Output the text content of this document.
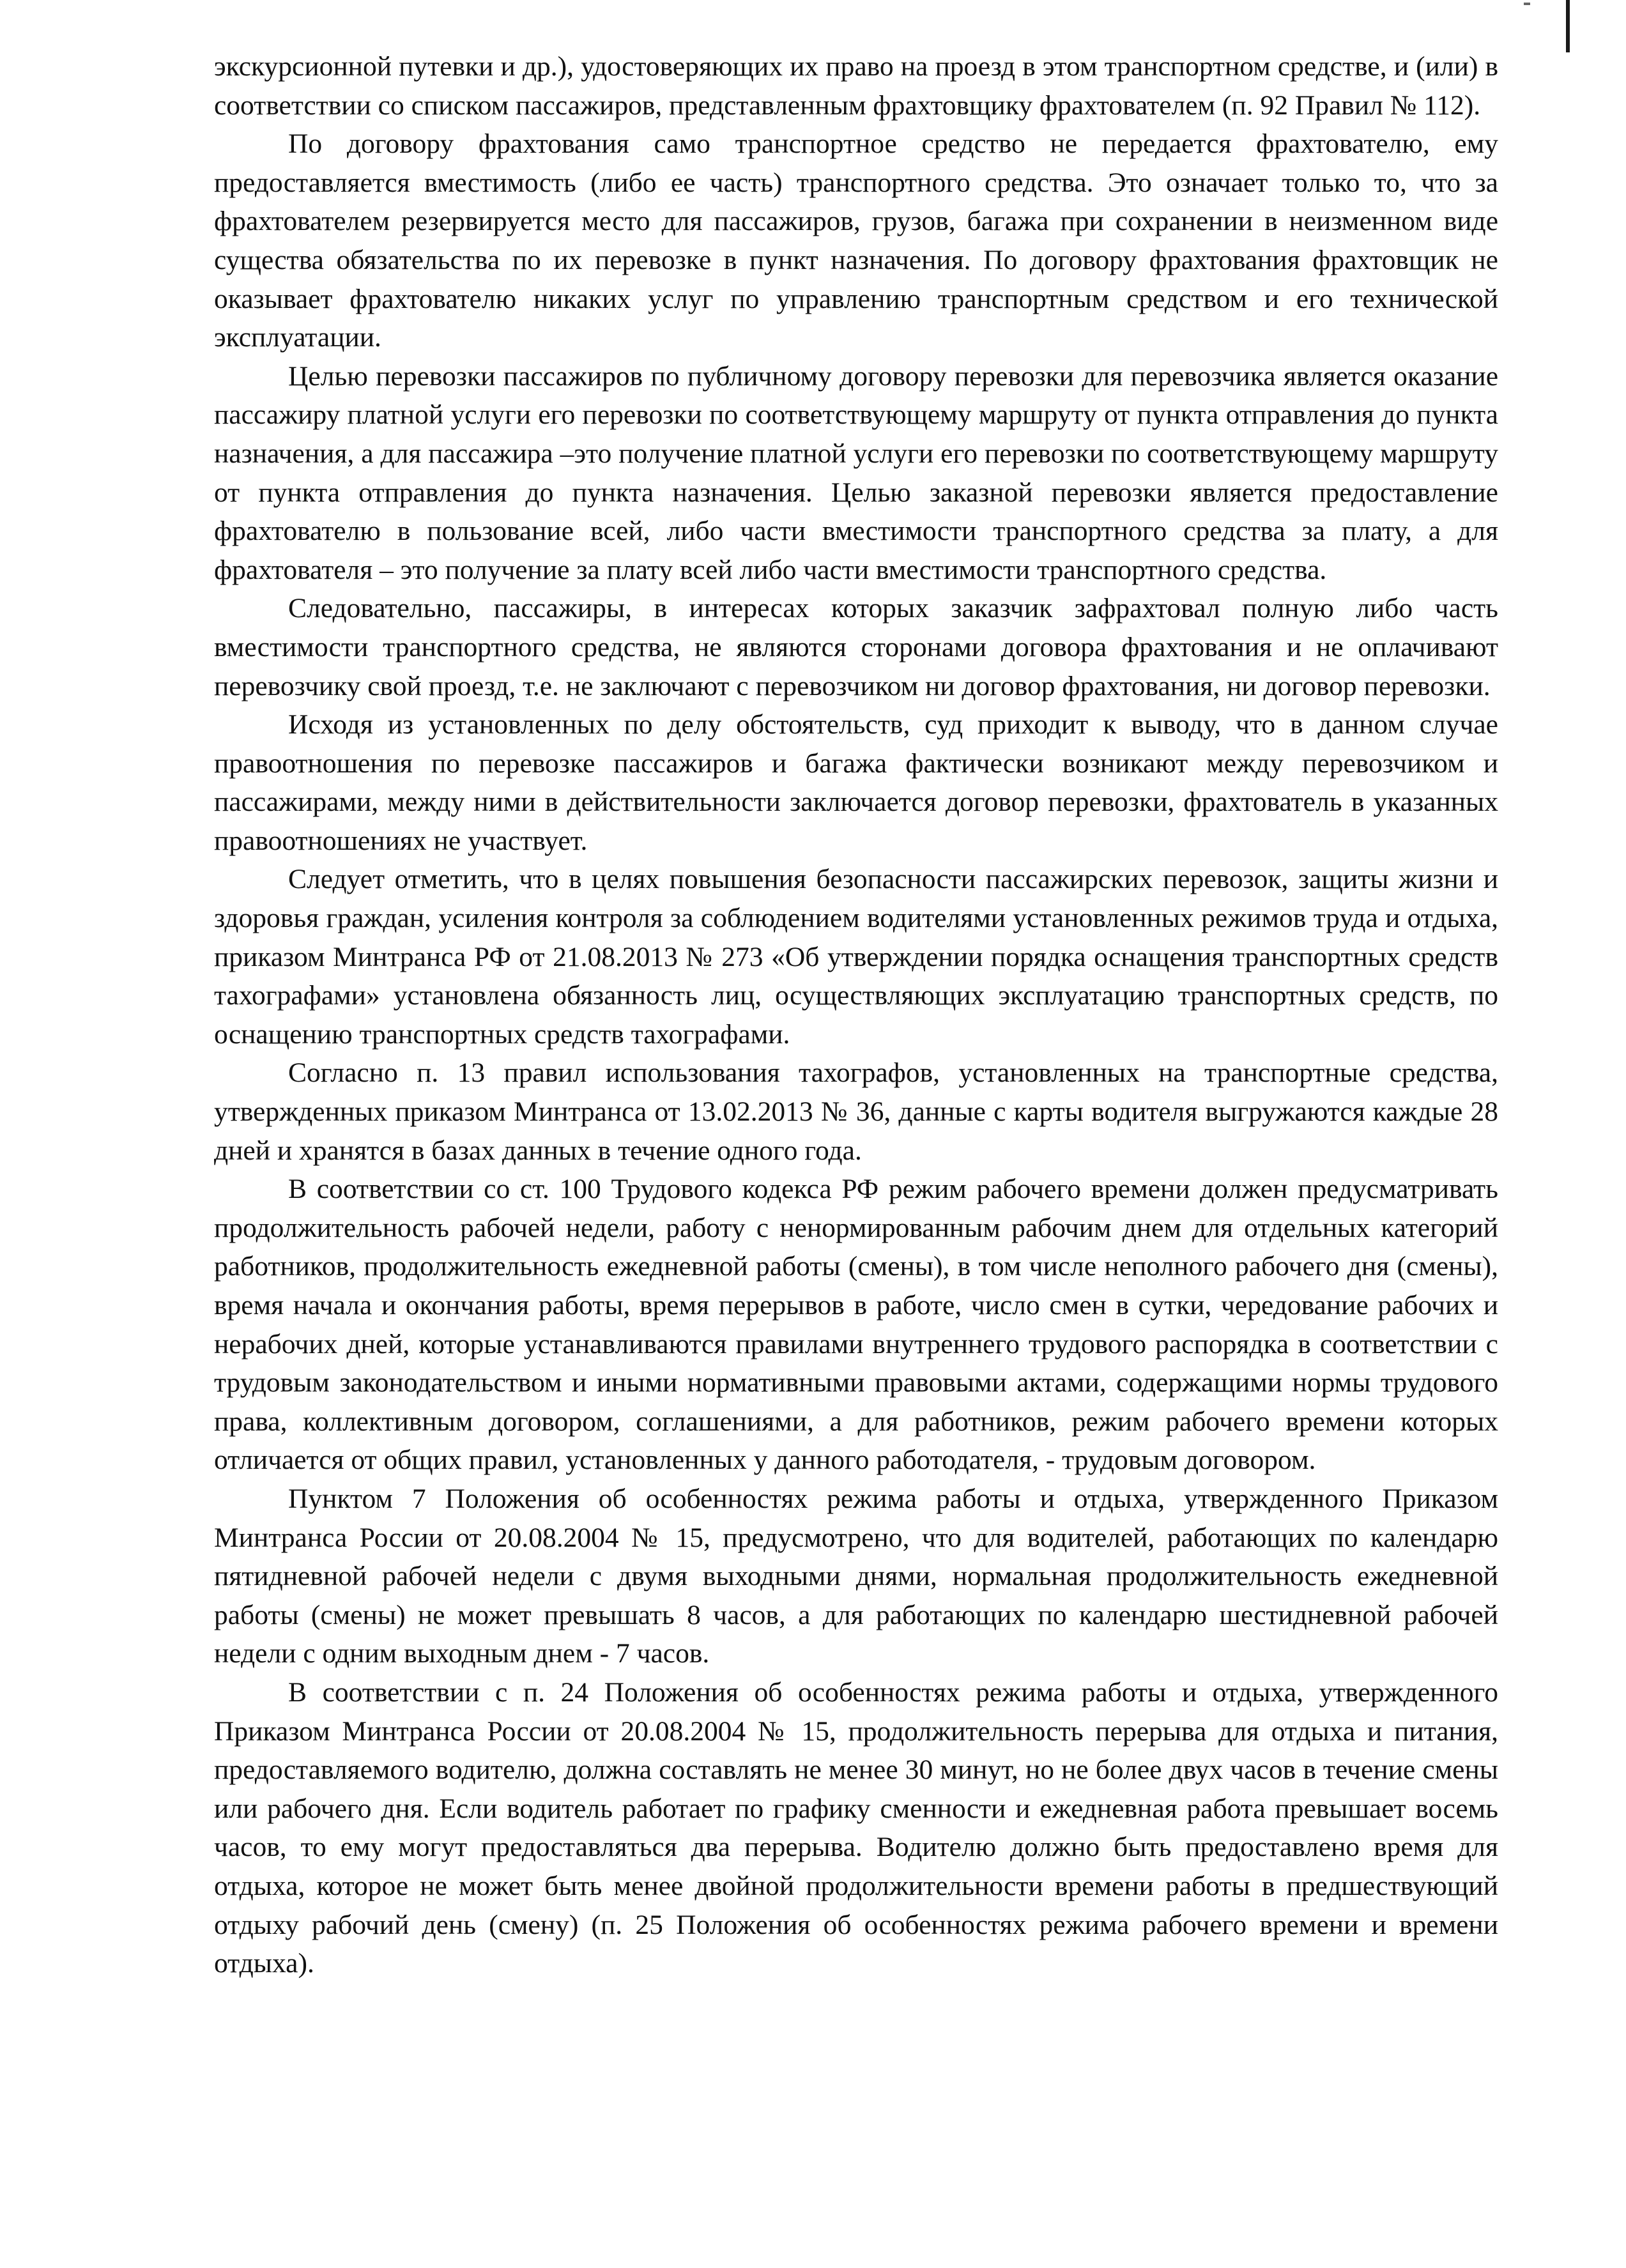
экскурсионной путевки и др.), удостоверяющих их право на проезд в этом транспортном средстве, и (или) в соответствии со списком пассажиров, представленным фрахтовщику фрахтователем (п. 92 Правил № 112).

По договору фрахтования само транспортное средство не передается фрахтователю, ему предоставляется вместимость (либо ее часть) транспортного средства. Это означает только то, что за фрахтователем резервируется место для пассажиров, грузов, багажа при сохранении в неизменном виде существа обязательства по их перевозке в пункт назначения. По договору фрахтования фрахтовщик не оказывает фрахтователю никаких услуг по управлению транспортным средством и его технической эксплуатации.

Целью перевозки пассажиров по публичному договору перевозки для перевозчика является оказание пассажиру платной услуги его перевозки по соответствующему маршруту от пункта отправления до пункта назначения, а для пассажира –это получение платной услуги его перевозки по соответствующему маршруту от пункта отправления до пункта назначения. Целью заказной перевозки является предоставление фрахтователю в пользование всей, либо части вместимости транспортного средства за плату, а для фрахтователя – это получение за плату всей либо части вместимости транспортного средства.

Следовательно, пассажиры, в интересах которых заказчик зафрахтовал полную либо часть вместимости транспортного средства, не являются сторонами договора фрахтования и не оплачивают перевозчику свой проезд, т.е. не заключают с перевозчиком ни договор фрахтования, ни договор перевозки.

Исходя из установленных по делу обстоятельств, суд приходит к выводу, что в данном случае правоотношения по перевозке пассажиров и багажа фактически возникают между перевозчиком и пассажирами, между ними в действительности заключается договор перевозки, фрахтователь в указанных правоотношениях не участвует.

Следует отметить, что в целях повышения безопасности пассажирских перевозок, защиты жизни и здоровья граждан, усиления контроля за соблюдением водителями установленных режимов труда и отдыха, приказом Минтранса РФ от 21.08.2013 № 273 «Об утверждении порядка оснащения транспортных средств тахографами» установлена обязанность лиц, осуществляющих эксплуатацию транспортных средств, по оснащению транспортных средств тахографами.

Согласно п. 13 правил использования тахографов, установленных на транспортные средства, утвержденных приказом Минтранса от 13.02.2013 № 36, данные с карты водителя выгружаются каждые 28 дней и хранятся в базах данных в течение одного года.

В соответствии со ст. 100 Трудового кодекса РФ режим рабочего времени должен предусматривать продолжительность рабочей недели, работу с ненормированным рабочим днем для отдельных категорий работников, продолжительность ежедневной работы (смены), в том числе неполного рабочего дня (смены), время начала и окончания работы, время перерывов в работе, число смен в сутки, чередование рабочих и нерабочих дней, которые устанавливаются правилами внутреннего трудового распорядка в соответствии с трудовым законодательством и иными нормативными правовыми актами, содержащими нормы трудового права, коллективным договором, соглашениями, а для работников, режим рабочего времени которых отличается от общих правил, установленных у данного работодателя, - трудовым договором.

Пунктом 7 Положения об особенностях режима работы и отдыха, утвержденного Приказом Минтранса России от 20.08.2004 № 15, предусмотрено, что для водителей, работающих по календарю пятидневной рабочей недели с двумя выходными днями, нормальная продолжительность ежедневной работы (смены) не может превышать 8 часов, а для работающих по календарю шестидневной рабочей недели с одним выходным днем - 7 часов.

В соответствии с п. 24 Положения об особенностях режима работы и отдыха, утвержденного Приказом Минтранса России от 20.08.2004 № 15, продолжительность перерыва для отдыха и питания, предоставляемого водителю, должна составлять не менее 30 минут, но не более двух часов в течение смены или рабочего дня. Если водитель работает по графику сменности и ежедневная работа превышает восемь часов, то ему могут предоставляться два перерыва. Водителю должно быть предоставлено время для отдыха, которое не может быть менее двойной продолжительности времени работы в предшествующий отдыху рабочий день (смену) (п. 25 Положения об особенностях режима рабочего времени и времени отдыха).
